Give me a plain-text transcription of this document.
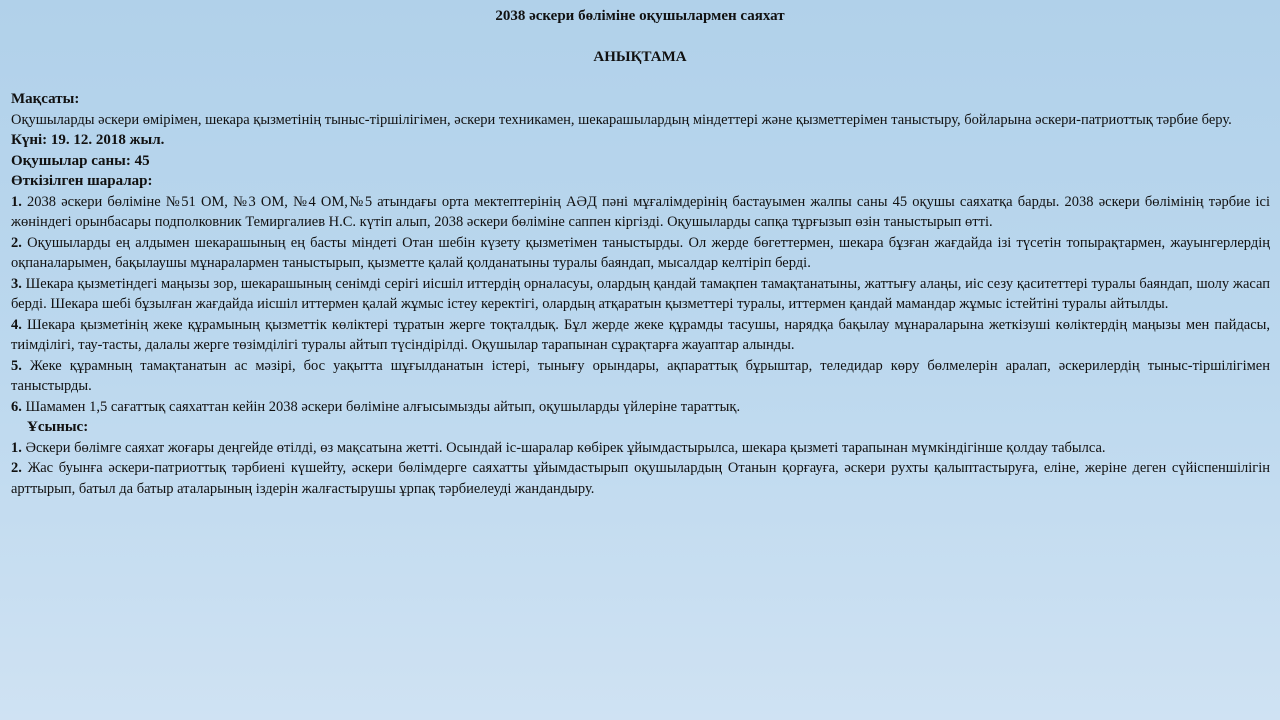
2038 әскери бөліміне оқушылармен саяхат
АНЫҚТАМА

Мақсаты:

Оқушыларды әскери өмірімен, шекара қызметінің тыныс-тіршілігімен, әскери техникамен, шекарашылардың міндеттері және қызметтерімен таныстыру, бойларына әскери-патриоттық тәрбие беру.

Күні: 19. 12. 2018 жыл.

Оқушылар саны: 45

Өткізілген шаралар:

1. 2038 әскери бөліміне №51 ОМ, №3 ОМ, №4 ОМ,№5 атындағы орта мектептерінің АӘД пәні мұғалімдерінің бастауымен жалпы саны 45 оқушы саяхатқа барды. 2038 әскери бөлімінің тәрбие ісі жөніндегі орынбасары подполковник Темиргалиев Н.С. күтіп алып, 2038 әскери бөліміне саппен кіргізді. Оқушыларды сапқа тұрғызып өзін таныстырып өтті.

2. Оқушыларды ең алдымен шекарашының ең басты міндеті Отан шебін күзету қызметімен таныстырды. Ол жерде бөгеттермен, шекара бұзған жағдайда ізі түсетін топырақтармен, жауынгерлердің оқпаналарымен, бақылаушы мұнаралармен таныстырып, қызметте қалай қолданатыны туралы баяндап, мысалдар келтіріп берді.

3. Шекара қызметіндегі маңызы зор, шекарашының сенімді серігі иісшіл иттердің орналасуы, олардың қандай тамақпен тамақтанатыны, жаттығу алаңы, иіс сезу қаситеттері туралы баяндап, шолу жасап берді. Шекара шебі бұзылған жағдайда иісшіл иттермен қалай жұмыс істеу керектігі, олардың атқаратын қызметтері туралы, иттермен қандай мамандар жұмыс істейтіні туралы айтылды.

4. Шекара қызметінің жеке құрамының қызметтік көліктері тұратын жерге тоқталдық. Бұл жерде жеке құрамды тасушы, нарядқа бақылау мұнараларына жеткізуші көліктердің маңызы мен пайдасы, тиімділігі, тау-тасты, далалы жерге төзімділігі туралы айтып түсіндірілді. Оқушылар тарапынан сұрақтарға жауаптар алынды.

5. Жеке құрамның тамақтанатын ас мәзірі, бос уақытта шұғылданатын істері, тынығу орындары, ақпараттық бұрыштар, теледидар көру бөлмелерін аралап, әскерилердің тыныс-тіршілігімен таныстырды.

6. Шамамен 1,5 сағаттық саяхаттан кейін 2038 әскери бөліміне алғысымызды айтып, оқушыларды үйлеріне тараттық.

Ұсыныс:

1. Әскери бөлімге саяхат жоғары деңгейде өтілді, өз мақсатына жетті. Осындай іс-шаралар көбірек ұйымдастырылса, шекара қызметі тарапынан мүмкіндігінше қолдау табылса.

2. Жас буынға әскери-патриоттық тәрбиені күшейту, әскери бөлімдерге саяхатты ұйымдастырып оқушылардың Отанын қорғауға, әскери рухты қалыптастыруға, еліне, жеріне деген сүйіспеншілігін арттырып, батыл да батыр аталарының іздерін жалғастырушы ұрпақ тәрбиелеуді жандандыру.
